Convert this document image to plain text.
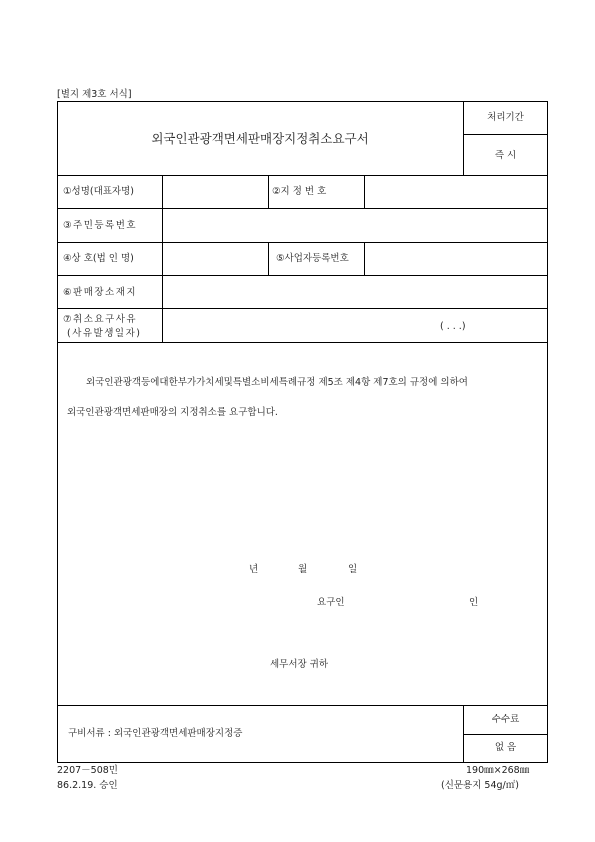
[별지 제3호 서식]
외국인관광객면세판매장지정취소요구서
처리기간
즉 시
①성명(대표자명)	②지 정 번 호
③주민등록번호
④상 호(법 인 명)	⑤사업자등록번호
⑥판매장소재지
⑦취소요구사유
(사유발생일자)
( . . .)
외국인관광객등에대한부가가치세및특별소비세특례규정 제5조 제4항 제7호의 규정에 의하여
외국인관광객면세판매장의 지정취소를 요구합니다.
년	월	일
요구인	인
세무서장 귀하
구비서류 : 외국인관광객면세판매장지정증
수수료
없 음
2207－508민
86.2.19. 승인
190㎜×268㎜
(신문용지 54g/㎡)
